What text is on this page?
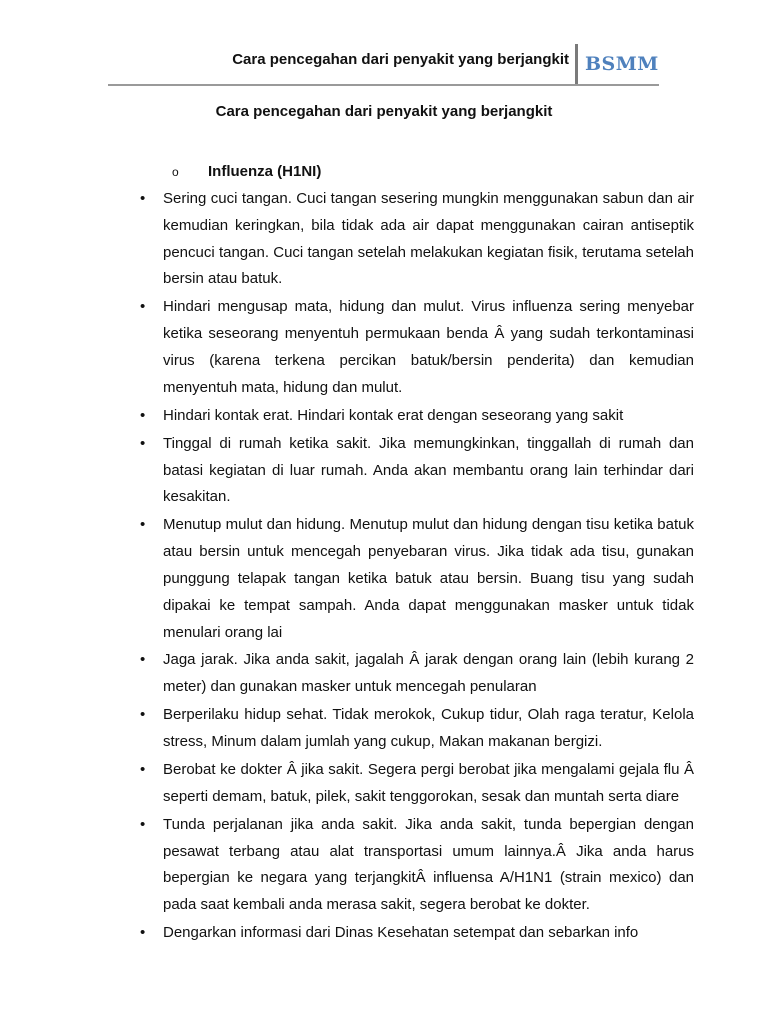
Cara pencegahan dari penyakit yang berjangkit BSMM
Cara pencegahan dari penyakit yang berjangkit
o Influenza (H1NI)
• Sering cuci tangan. Cuci tangan sesering mungkin menggunakan sabun dan air kemudian keringkan, bila tidak ada air dapat menggunakan cairan antiseptik pencuci tangan. Cuci tangan setelah melakukan kegiatan fisik, terutama setelah bersin atau batuk.
• Hindari mengusap mata, hidung dan mulut. Virus influenza sering menyebar ketika seseorang menyentuh permukaan benda Â yang sudah terkontaminasi virus (karena terkena percikan batuk/bersin penderita) dan kemudian menyentuh mata, hidung dan mulut.
• Hindari kontak erat. Hindari kontak erat dengan seseorang yang sakit
• Tinggal di rumah ketika sakit. Jika memungkinkan, tinggallah di rumah dan batasi kegiatan di luar rumah. Anda akan membantu orang lain terhindar dari kesakitan.
• Menutup mulut dan hidung. Menutup mulut dan hidung dengan tisu ketika batuk atau bersin untuk mencegah penyebaran virus. Jika tidak ada tisu, gunakan punggung telapak tangan ketika batuk atau bersin. Buang tisu yang sudah dipakai ke tempat sampah. Anda dapat menggunakan masker untuk tidak menulari orang lai
• Jaga jarak. Jika anda sakit, jagalah Â jarak dengan orang lain (lebih kurang 2 meter) dan gunakan masker untuk mencegah penularan
• Berperilaku hidup sehat. Tidak merokok, Cukup tidur, Olah raga teratur, Kelola stress, Minum dalam jumlah yang cukup, Makan makanan bergizi.
• Berobat ke dokter Â jika sakit. Segera pergi berobat jika mengalami gejala flu Â seperti demam, batuk, pilek, sakit tenggorokan, sesak dan muntah serta diare
• Tunda perjalanan jika anda sakit. Jika anda sakit, tunda bepergian dengan pesawat terbang atau alat transportasi umum lainnya.Â Jika anda harus bepergian ke negara yang terjangkitÂ influensa A/H1N1 (strain mexico) dan pada saat kembali anda merasa sakit, segera berobat ke dokter.
• Dengarkan informasi dari Dinas Kesehatan setempat dan sebarkan info
